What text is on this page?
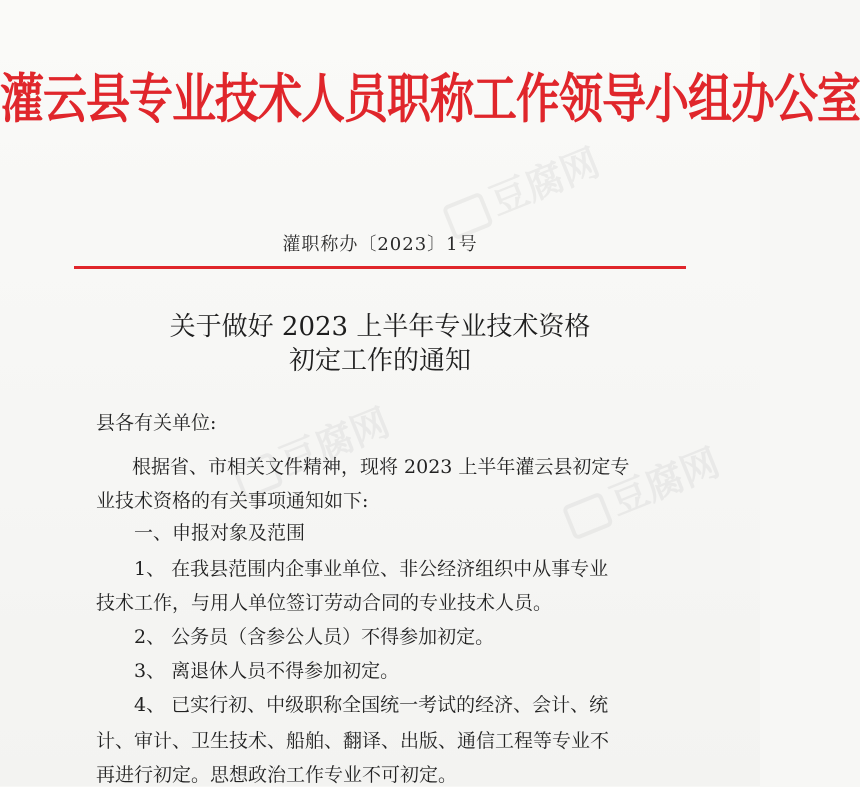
豆腐网
豆腐网
豆腐网
灌云县专业技术人员职称工作领导小组办公室
灌职称办〔2023〕1号
关于做好 2023 上半年专业技术资格
初定工作的通知
县各有关单位:
根据省、市相关文件精神，现将 2023 上半年灌云县初定专
业技术资格的有关事项通知如下:
一、申报对象及范围
1、 在我县范围内企事业单位、非公经济组织中从事专业
技术工作，与用人单位签订劳动合同的专业技术人员。
2、 公务员（含参公人员）不得参加初定。
3、 离退休人员不得参加初定。
4、 已实行初、中级职称全国统一考试的经济、会计、统
计、审计、卫生技术、船舶、翻译、出版、通信工程等专业不
再进行初定。思想政治工作专业不可初定。
